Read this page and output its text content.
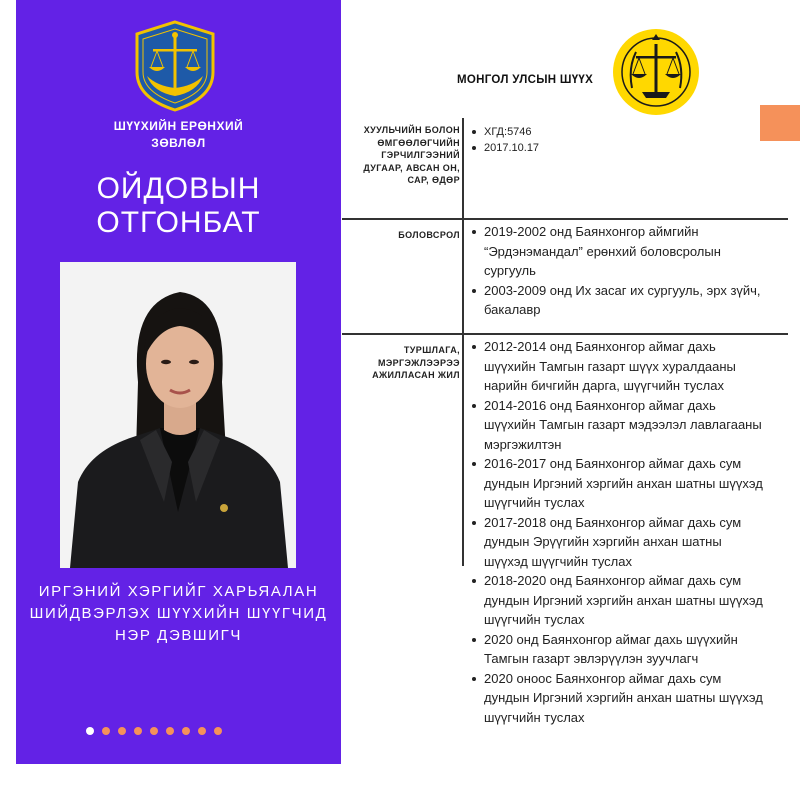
ШҮҮХИЙН ЕРӨНХИЙ
ЗӨВЛӨЛ
ОЙДОВЫН
ОТГОНБАТ
ИРГЭНИЙ ХЭРГИЙГ ХАРЬЯАЛАН
ШИЙДВЭРЛЭХ ШҮҮХИЙН ШҮҮГЧИД
НЭР ДЭВШИГЧ
МОНГОЛ УЛСЫН ШҮҮХ
ХУУЛЬЧИЙН БОЛОН
ӨМГӨӨЛӨГЧИЙН
ГЭРЧИЛГЭЭНИЙ
ДУГААР, АВСАН ОН,
САР, ӨДӨР
ХГД:5746
2017.10.17
БОЛОВСРОЛ 2019-2002 онд Баянхонгор аймгийн
“Эрдэнэмандал” ерөнхий боловсролын
сургууль
2003-2009 онд Их засаг их сургууль, эрх зүйч,
бакалавр
ТУРШЛАГА,
МЭРГЭЖЛЭЭРЭЭ
АЖИЛЛАСАН ЖИЛ
2012-2014 онд Баянхонгор аймаг дахь
шүүхийн Тамгын газарт шүүх хуралдааны
нарийн бичгийн дарга, шүүгчийн туслах
2014-2016 онд Баянхонгор аймаг дахь
шүүхийн Тамгын газарт мэдээлэл лавлагааны
мэргэжилтэн
2016-2017 онд Баянхонгор аймаг дахь сум
дундын Иргэний хэргийн анхан шатны шүүхэд
шүүгчийн туслах
2017-2018 онд Баянхонгор аймаг дахь сум
дундын Эрүүгийн хэргийн анхан шатны
шүүхэд шүүгчийн туслах
2018-2020 онд Баянхонгор аймаг дахь сум
дундын Иргэний хэргийн анхан шатны шүүхэд
шүүгчийн туслах
2020 онд Баянхонгор аймаг дахь шүүхийн
Тамгын газарт эвлэрүүлэн зуучлагч
2020 оноос Баянхонгор аймаг дахь сум
дундын Иргэний хэргийн анхан шатны шүүхэд
шүүгчийн туслах
